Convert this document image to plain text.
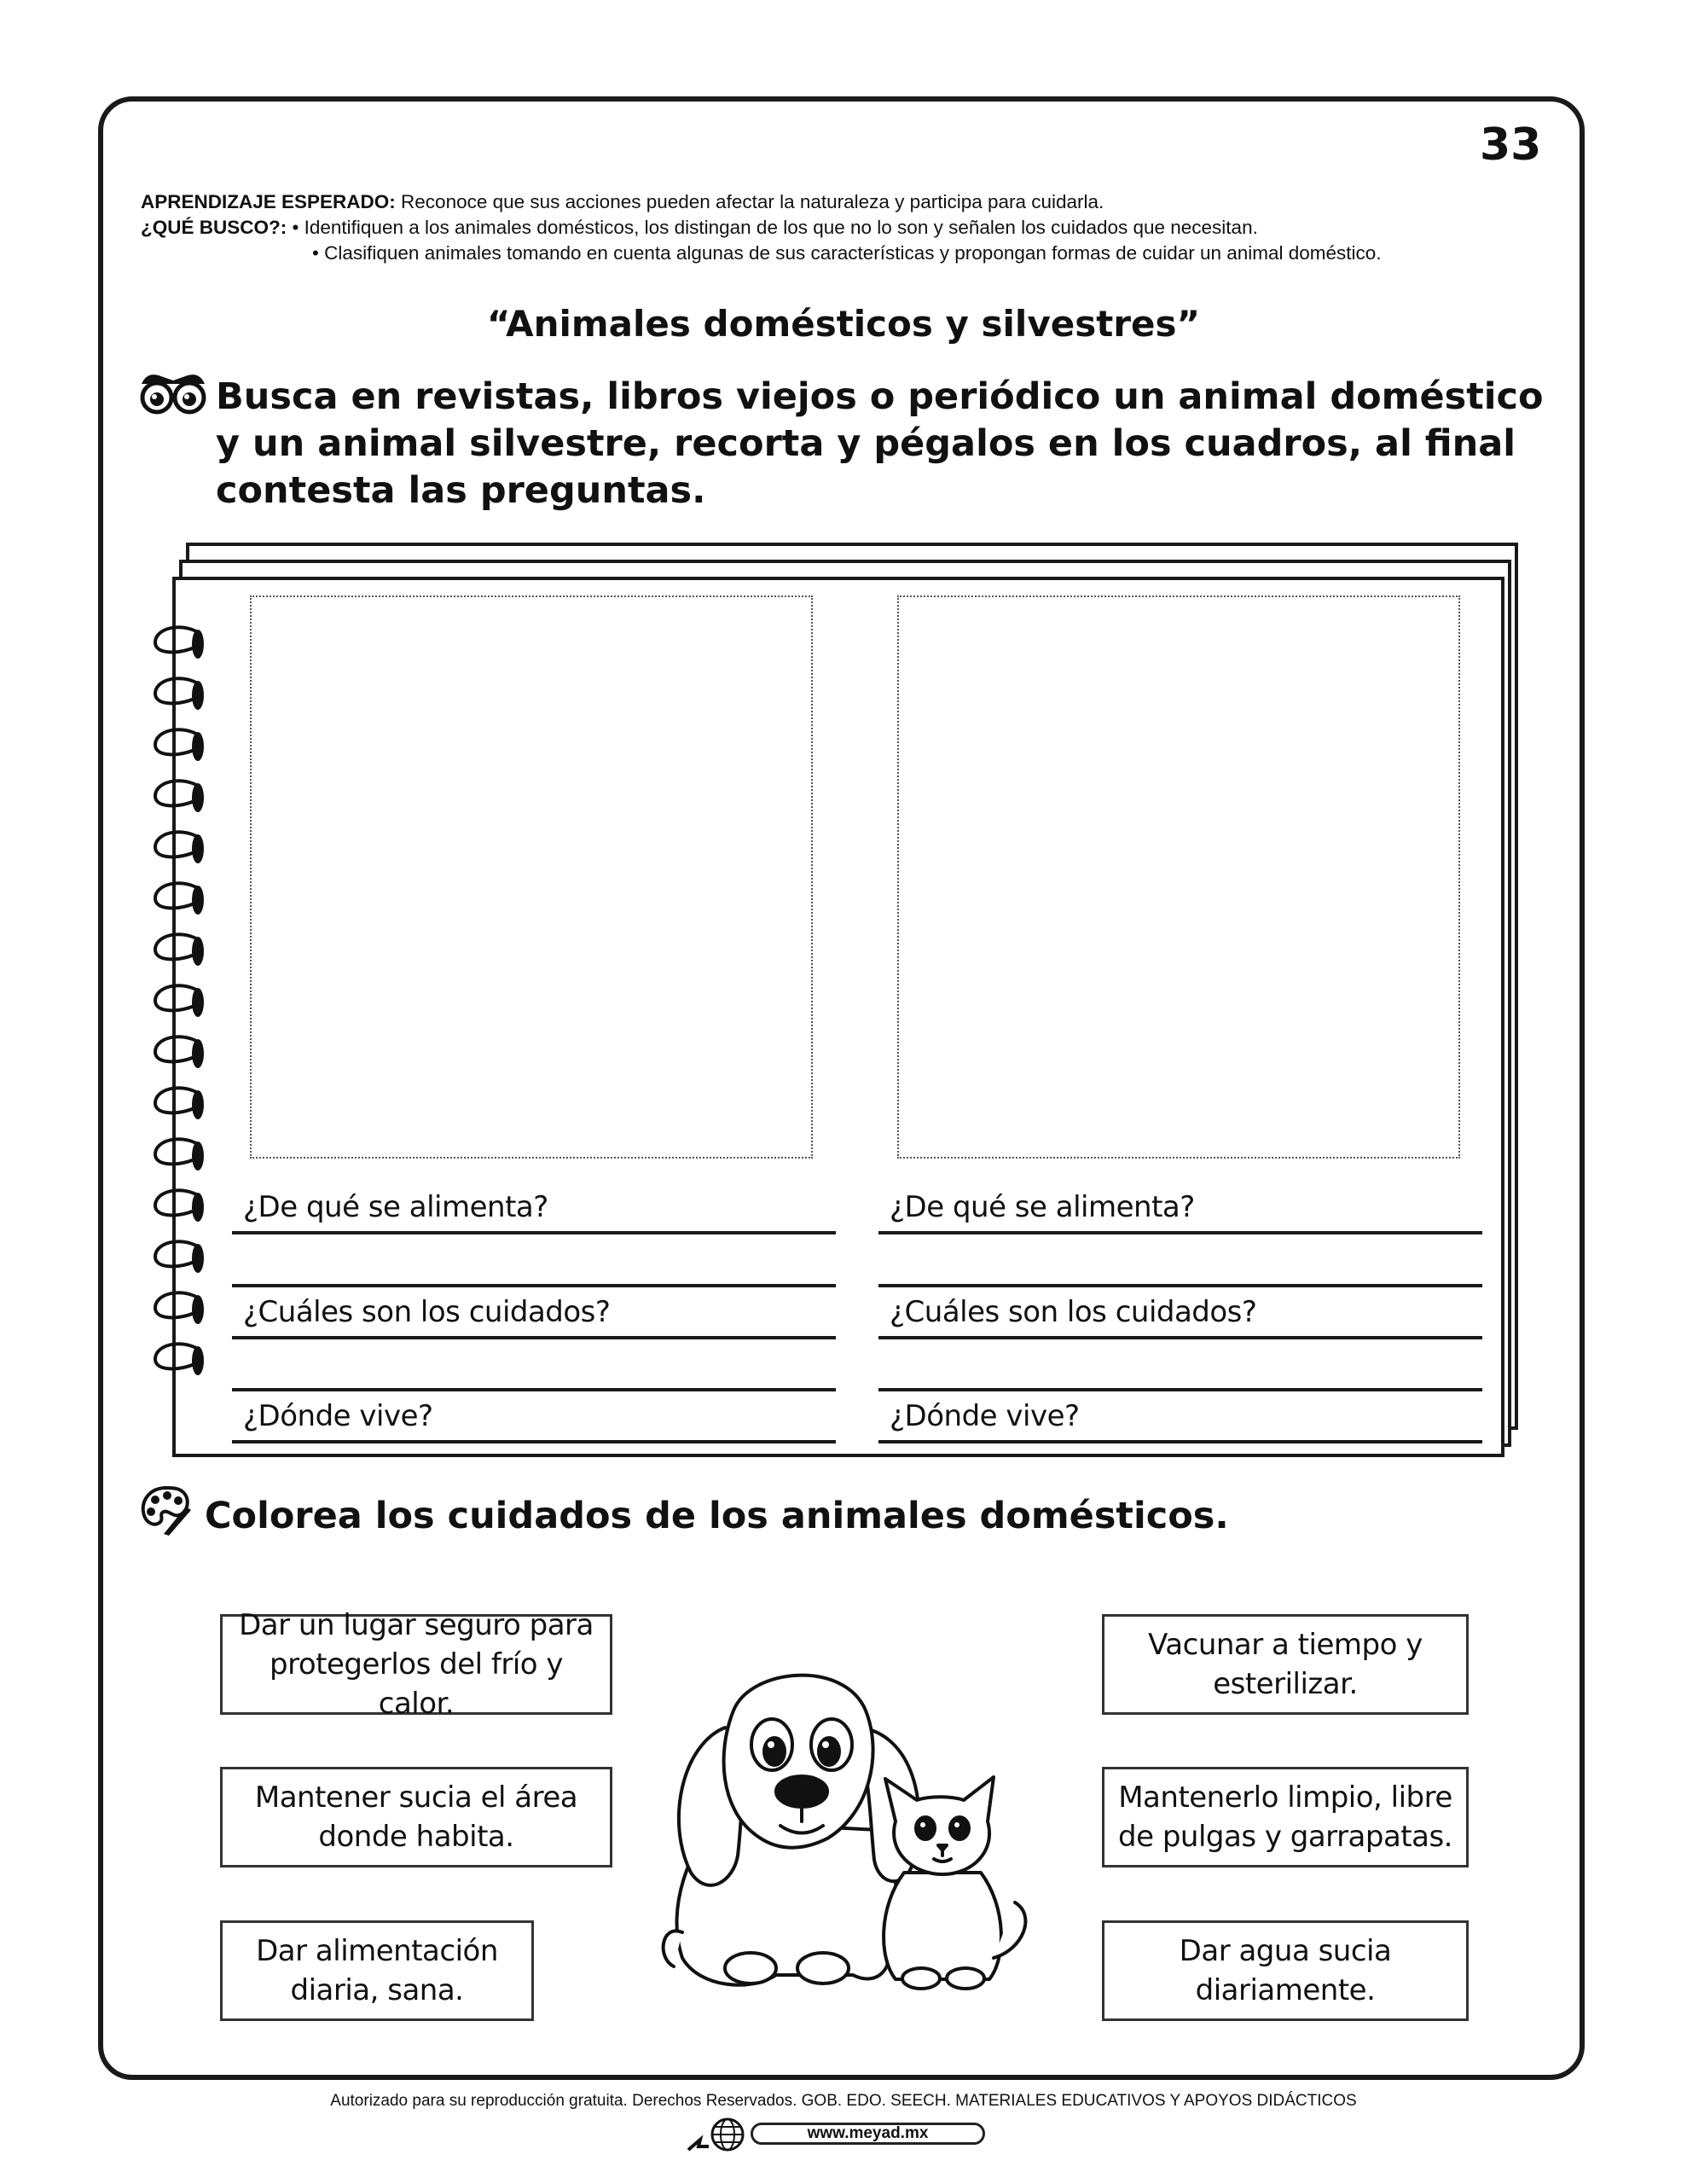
33
APRENDIZAJE ESPERADO: Reconoce que sus acciones pueden afectar la naturaleza y participa para cuidarla.
¿QUÉ BUSCO?: • Identifiquen a los animales domésticos, los distingan de los que no lo son y señalen los cuidados que necesitan.
• Clasifiquen animales tomando en cuenta algunas de sus características y propongan formas de cuidar un animal doméstico.
“Animales domésticos y silvestres”
Busca en revistas, libros viejos o periódico un animal doméstico y un animal silvestre, recorta y pégalos en los cuadros, al final contesta las preguntas.
¿De qué se alimenta?
¿Cuáles son los cuidados?
¿Dónde vive?
¿De qué se alimenta?
¿Cuáles son los cuidados?
¿Dónde vive?
Colorea los cuidados de los animales domésticos.
Dar un lugar seguro para
protegerlos del frío y calor.
Mantener sucia el área
donde habita.
Dar alimentación
diaria, sana.
Vacunar a tiempo y
esterilizar.
Mantenerlo limpio, libre
de pulgas y garrapatas.
Dar agua sucia
diariamente.
Autorizado para su reproducción gratuita. Derechos Reservados. GOB. EDO. SEECH. MATERIALES EDUCATIVOS Y APOYOS DIDÁCTICOS
www.meyad.mx
